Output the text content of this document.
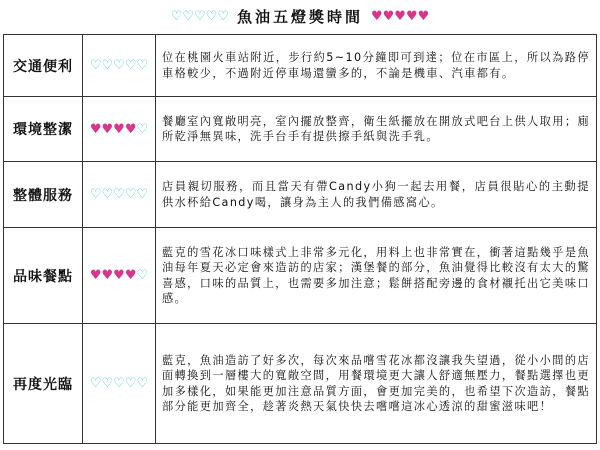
♡♡♡♡♡ 魚油五燈獎時間 ♥♥♥♥♥
交通便利	♡♡♡♡♡	位在桃園火車站附近，步行約5~10分鐘即可到達；位在市區上，所以為路停車格較少，不過附近停車場還蠻多的，不論是機車、汽車都有。
環境整潔	♥♥♥♥♡	餐廳室內寬敞明亮，室內擺放整齊，衛生紙擺放在開放式吧台上供人取用；廁所乾淨無異味，洗手台手有提供擦手紙與洗手乳。
整體服務	♡♡♡♡♡	店員親切服務，而且當天有帶Candy小狗一起去用餐，店員很貼心的主動提供水杯給Candy喝，讓身為主人的我們備感窩心。
品味餐點	♥♥♥♥♡	藍克的雪花冰口味樣式上非常多元化，用料上也非常實在，衝著這點幾乎是魚油每年夏天必定會來造訪的店家；漢堡餐的部分，魚油覺得比較沒有太大的驚喜感，口味的品質上，也需要多加注意；鬆餅搭配旁邊的食材襯托出它美味口感。
再度光臨	♡♡♡♡♡	藍克，魚油造訪了好多次，每次來品嚐雪花冰都沒讓我失望過，從小小間的店面轉換到一層樓大的寬敞空間，用餐環境更大讓人舒適無壓力，餐點選擇也更加多樣化，如果能更加注意品質方面，會更加完美的，也希望下次造訪，餐點部分能更加齊全，趁著炎熱天氣快快去嚐嚐這冰心透涼的甜蜜滋味吧！
